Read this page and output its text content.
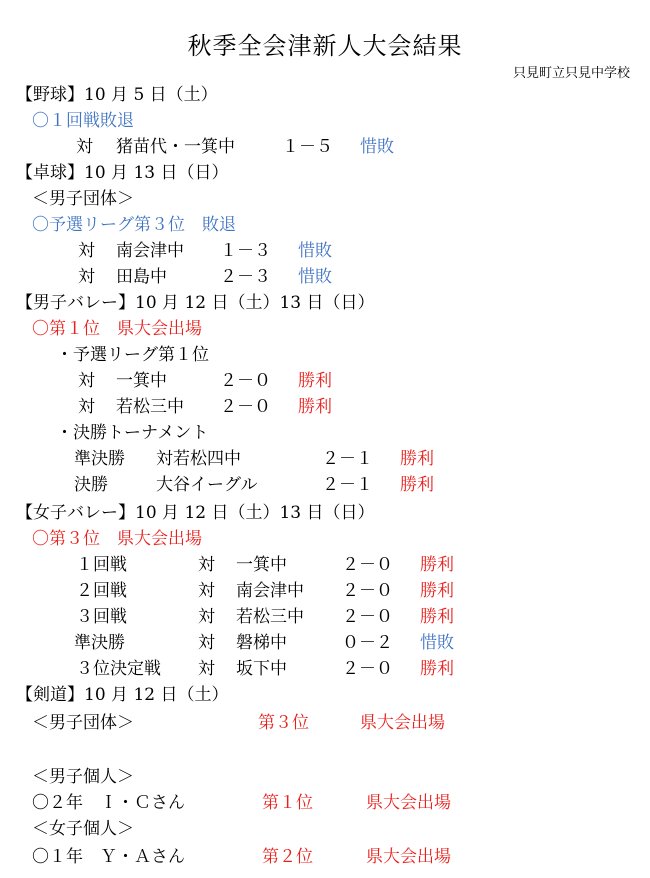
秋季全会津新人大会結果
只見町立只見中学校
【野球】10 月 5 日（土）
〇１回戦敗退
対 猪苗代・一箕中	１－５ 惜敗
【卓球】10 月 13 日（日）
＜男子団体＞
〇予選リーグ第３位　敗退
対 南会津中 １－３ 惜敗
対 田島中	２－３ 惜敗
【男子バレー】10 月 12 日（土）13 日（日）
〇第１位　県大会出場
・予選リーグ第１位
対 一箕中	２－０ 勝利
対 若松三中 ２－０ 勝利
・決勝トーナメント
準決勝 対若松四中	２－１ 勝利
決勝	大谷イーグル	２－１ 勝利
【女子バレー】10 月 12 日（土）13 日（日）
〇第３位　県大会出場
１回戦	対 一箕中	２－０ 勝利
２回戦	対 南会津中 ２－０ 勝利
３回戦	対 若松三中 ２－０ 勝利
準決勝	対 磐梯中	０－２ 惜敗
３位決定戦 対 坂下中	２－０ 勝利
【剣道】10 月 12 日（土）
＜男子団体＞	第３位	県大会出場
＜男子個人＞
〇２年　Ｉ・Ｃさん	第１位	県大会出場
＜女子個人＞
〇１年　Ｙ・Ａさん	第２位	県大会出場
